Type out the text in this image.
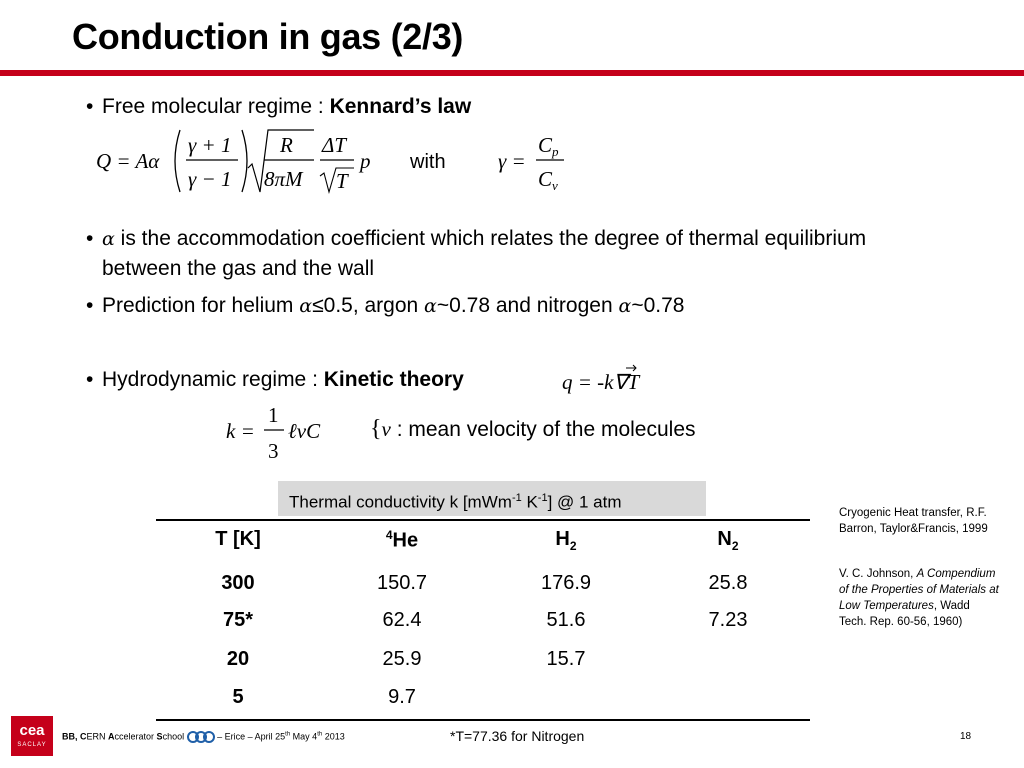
Conduction in gas (2/3)
• Free molecular regime : Kennard’s law
Q = Aα
γ + 1
γ − 1
R
8πM
ΔT
T
p with γ =
Cp
Cv
• α is the accommodation coefficient which relates the degree of thermal equilibrium between the gas and the wall
• Prediction for helium α≤0.5, argon α~0.78 and nitrogen α~0.78
• Hydrodynamic regime : Kinetic theory	q = -k∇T
k =
1
3
ℓvC {v : mean velocity of the molecules
Thermal conductivity k [mWm$^{-1}$ $K^{-1}$] @ 1 atm
T [K]	$^4$He	$H_2$	$N_2$
300	150.7	176.9	25.8
75*	62.4	51.6	7.23
20	25.9	15.7
5	9.7
Cryogenic Heat transfer, R.F. Barron, Taylor&Francis, 1999
V. C. Johnson, A Compendium of the Properties of Materials at Low Temperatures, Wadd Tech. Rep. 60-56, 1960)
cea
SACLAY
BB, CERN Accelerator School	– Erice – April 25th May 4th 2013	*T=77.36 for Nitrogen	18
